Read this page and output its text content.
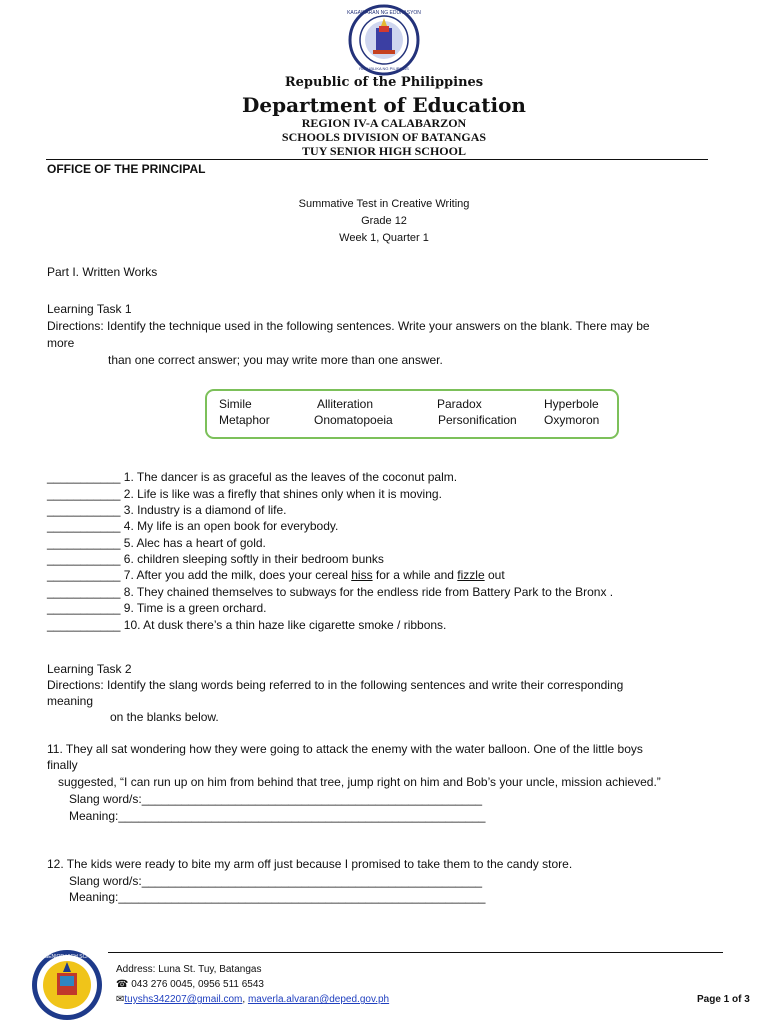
KAGAWARAN NG EDUKASYON
REPUBLIKA NG PILIPINAS
Republic of the Philippines
Department of Education
REGION IV-A CALABARZON
SCHOOLS DIVISION OF BATANGAS
TUY SENIOR HIGH SCHOOL
OFFICE OF THE PRINCIPAL
Summative Test in Creative Writing
Grade 12
Week 1, Quarter 1
Part I. Written Works
Learning Task 1
Directions: Identify the technique used in the following sentences. Write your answers on the blank. There may be
more
than one correct answer; you may write more than one answer.
Simile	Alliteration	Paradox	Hyperbole
Metaphor	Onomatopoeia	Personification Oxymoron
___________ 1. The dancer is as graceful as the leaves of the coconut palm.
___________ 2. Life is like was a firefly that shines only when it is moving.
___________ 3. Industry is a diamond of life.
___________ 4. My life is an open book for everybody.
___________ 5. Alec has a heart of gold.
___________ 6. children sleeping softly in their bedroom bunks
___________ 7. After you add the milk, does your cereal hiss for a while and fizzle out
___________ 8. They chained themselves to subways for the endless ride from Battery Park to the Bronx .
___________ 9. Time is a green orchard.
___________ 10. At dusk there’s a thin haze like cigarette smoke / ribbons.
Learning Task 2
Directions: Identify the slang words being referred to in the following sentences and write their corresponding
meaning
on the blanks below.
11. They all sat wondering how they were going to attack the enemy with the water balloon. One of the little boys
finally
suggested, “I can run up on him from behind that tree, jump right on him and Bob’s your uncle, mission achieved.”
Slang word/s:___________________________________________________
Meaning:_______________________________________________________
12. The kids were ready to bite my arm off just because I promised to take them to the candy store.
Slang word/s:___________________________________________________
Meaning:_______________________________________________________
TUY SENIOR HIGH SCHOOL
Address: Luna St. Tuy, Batangas
☎ 043 276 0045, 0956 511 6543
✉tuyshs342207@gmail.com, maverla.alvaran@deped.gov.ph	Page 1 of 3
